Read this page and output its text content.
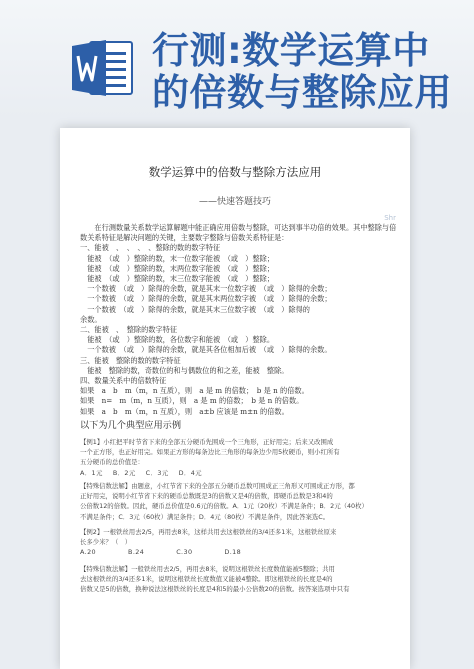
行测:数学运算中
的倍数与整除应用
Shr
数学运算中的倍数与整除方法应用
——快速答题技巧

在行测数量关系数学运算解题中能正确应用倍数与整除，可达到事半功倍的效果。其中整除与倍数关系特征是解决问题的关键，主要数字整除与倍数关系特征是：

一、能被　、　、　、　、整除的数的数字特征

能被　（或　）整除的数，末一位数字能被　（或　）整除；

能被　（或　）整除的数，末两位数字能被　（或　）整除；

能被　（或　）整除的数，末三位数字能被　（或　）整除；

一个数被　（或　）除得的余数，就是其末一位数字被　（或　）除得的余数；

一个数被　（或　）除得的余数，就是其末两位数字被　（或　）除得的余数；

一个数被　（或　）除得的余数，就是其末三位数字被　（或　）除得的

余数。

二、能被　、　整除的数字特征

能被　（或　）整除的数，各位数字和能被　（或　）整除。

一个数被　（或　）除得的余数，就是其各位相加后被　（或　）除得的余数。

三、能被　整除的数的数字特征

能被　整除的数，奇数位的和与偶数位的和之差，能被　整除。

四、数量关系中的倍数特征

如果　a　b　m（m，n 互质），则　a 是 m 的倍数；　b 是 n 的倍数。

如果　n=　m（m，n 互质），则　a 是 m 的倍数；　b 是 n 的倍数。

如果　a　b　m（m，n 互质），则　a±b 应该是 m±n 的倍数。

以下为几个典型应用示例

【例1】小红把平时节省下来的全部五分硬币先围成一个三角形，正好用完；后来又改围成

一个正方形，也正好用完。如果正方形的每条边比三角形的每条边少用5枚硬币，则小红所有

五分硬币的总价值是：

A．1元 B．2元 C．3元 D．4元

【特殊信数法解】由题意，小红节省下来的全部五分硬币总数可围成正三角形又可围成正方形，都

正好用完，说明小红节省下来的硬币总数既是3的倍数又是4的倍数，即硬币总数是3和4的

公倍数12的倍数。因此，硬币总价值是0.6元的倍数。A．1元（20枚）不满足条件；B．2元（40枚）

不满足条件；C．3元（60枚）满足条件；D．4元（80枚）不满足条件，因此答案选C。

【例2】一根铁丝用去2/5，再用去8米，这样共用去这根铁丝的3/4还多1米，这根铁丝原来

长多少米？（　）

A.20	B.24	C.30	D.18

【特殊信数法解】一般铁丝用去2/5，再用去8米，说明这根铁丝长度数值能被5整除；共用

去这根铁丝的3/4还多1米，说明这根铁丝长度数值又能被4整除。即这根铁丝的长度是4的

倍数又是5的倍数，换种说法这根铁丝的长度是4和5的最小公倍数20的倍数。按答案选项中只有
